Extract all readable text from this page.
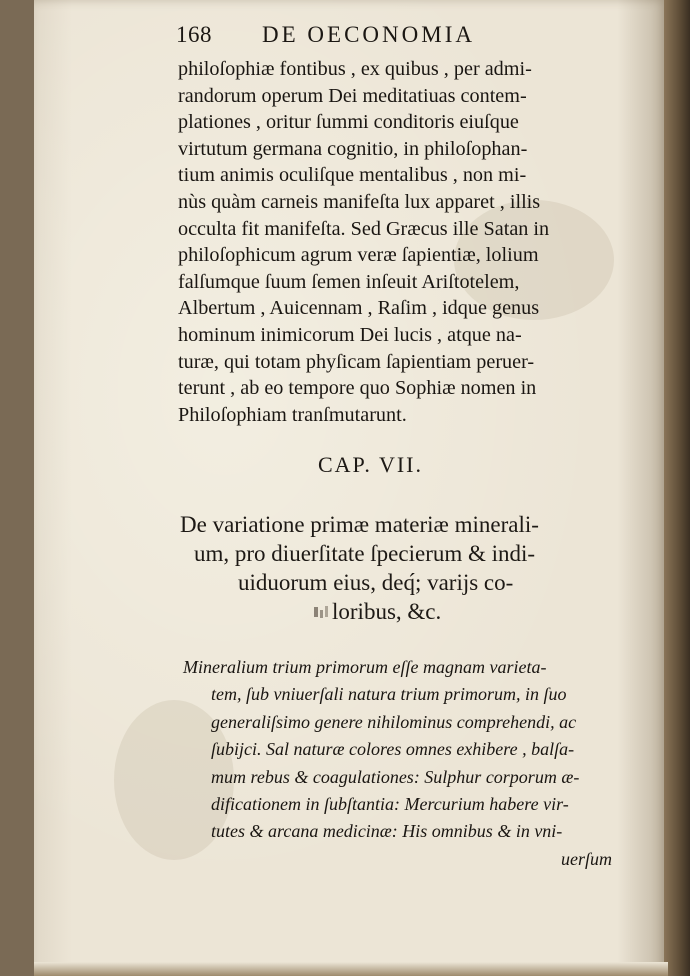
168 DE OECONOMIA
philoſophiæ fontibus , ex quibus , per admi-
randorum operum Dei meditatiuas contem-
plationes , oritur ſummi conditoris eiuſque
virtutum germana cognitio, in philoſophan-
tium animis oculiſque mentalibus , non mi-
nùs quàm carneis manifeſta lux apparet , illis
occulta fit manifeſta. Sed Græcus ille Satan in
philoſophicum agrum veræ ſapientiæ, lolium
falſumque ſuum ſemen inſeuit Ariſtotelem,
Albertum , Auicennam , Raſim , idque genus
hominum inimicorum Dei lucis , atque na-
turæ, qui totam phyſicam ſapientiam peruer-
terunt , ab eo tempore quo Sophiæ nomen in
Philoſophiam tranſmutarunt.
CAP. VII.
De variatione primæ materiæ minerali-
um, pro diuerſitate ſpecierum & indi-
uiduorum eius, deq́; varijs co-
loribus, &c.
Mineralium trium primorum eſſe magnam varieta-
tem, ſub vniuerſali natura trium primorum, in ſuo
generaliſsimo genere nihilominus comprehendi, ac
ſubijci. Sal naturæ colores omnes exhibere , balſa-
mum rebus & coagulationes: Sulphur corporum æ-
dificationem in ſubſtantia: Mercurium habere vir-
tutes & arcana medicinæ: His omnibus & in vni-
uerſum
